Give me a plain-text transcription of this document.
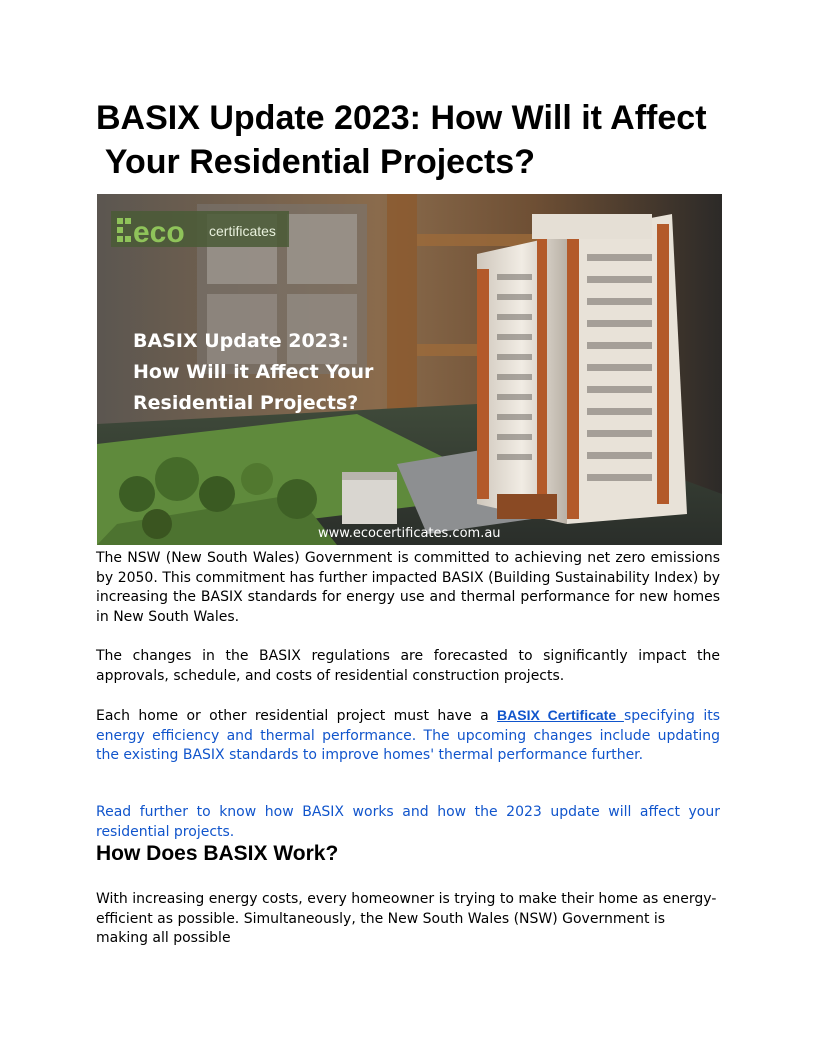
BASIX Update 2023: How Will it Affect
Your Residential Projects?
eco certificates
BASIX Update 2023:
How Will it Affect Your
Residential Projects?
www.ecocertificates.com.au

The NSW (New South Wales) Government is committed to achieving net zero emissions by 2050. This commitment has further impacted BASIX (Building Sustainability Index) by increasing the BASIX standards for energy use and thermal performance for new homes in New South Wales.

The changes in the BASIX regulations are forecasted to significantly impact the approvals, schedule, and costs of residential construction projects.

Each home or other residential project must have a BASIX Certificate specifying its energy efficiency and thermal performance. The upcoming changes include updating the existing BASIX standards to improve homes' thermal performance further.

Read further to know how BASIX works and how the 2023 update will affect your residential projects.

How Does BASIX Work?

With increasing energy costs, every homeowner is trying to make their home as energy-efficient as possible. Simultaneously, the New South Wales (NSW) Government is making all possible
